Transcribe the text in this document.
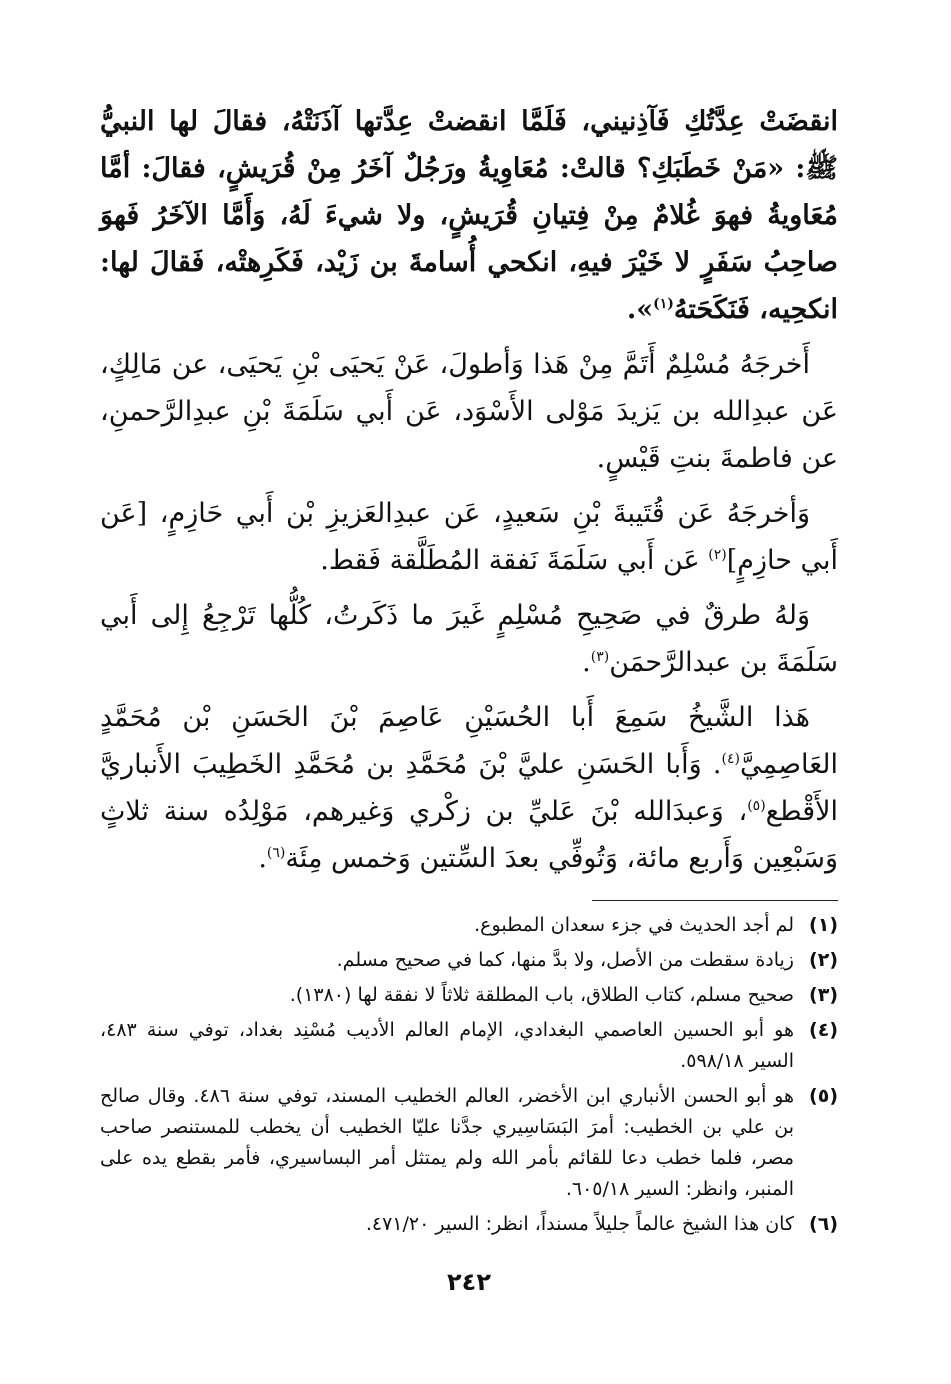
انقضَتْ عِدَّتُكِ فَآذِنيني، فَلَمَّا انقضتْ عِدَّتها آذَنَتْهُ، فقالَ لها النبيُّ ﷺ: «مَنْ خَطَبَكِ؟ قالتْ: مُعَاوِيةُ ورَجُلٌ آخَرُ مِنْ قُرَيشٍ، فقالَ: أمَّا مُعَاويةُ فهوَ غُلامٌ مِنْ فِتيانِ قُرَيشٍ، ولا شيءَ لَهُ، وَأَمَّا الآخَرُ فَهوَ صاحِبُ سَفَرٍ لا خَيْرَ فيهِ، انكحي أُسامةَ بن زَيْد، فَكَرِهتْه، فَقالَ لها: انكحِيه، فَنَكَحَتهُ$^{(١)}$».

أَخرجَهُ مُسْلِمٌ أَتَمَّ مِنْ هَذا وَأطولَ، عَنْ يَحيَى بْنِ يَحيَى، عن مَالِكٍ، عَن عبدِالله بن يَزيدَ مَوْلى الأَسْوَد، عَن أَبي سَلَمَةَ بْنِ عبدِالرَّحمنِ، عن فاطمةَ بنتِ قَيْسٍ.

وَأخرجَهُ عَن قُتَيبةَ بْنِ سَعيدٍ، عَن عبدِالعَزيزِ بْن أَبي حَازِمٍ، [عَن أَبي حازِمٍ]$^{(٢)}$ عَن أَبي سَلَمَةَ نَفقة المُطَلَّقة فَقط.

وَلهُ طرقٌ في صَحِيحِ مُسْلِمٍ غَيرَ ما ذَكَرتُ، كُلُّها تَرْجِعُ إِلى أَبي سَلَمَةَ بن عبدالرَّحمَن$^{(٣)}$.

هَذا الشَّيخُ سَمِعَ أَبا الحُسَيْنِ عَاصِمَ بْنَ الحَسَنِ بْن مُحَمَّدٍ العَاصِمِيَّ$^{(٤)}$. وَأَبا الحَسَنِ عليَّ بْنَ مُحَمَّدِ بن مُحَمَّدِ الخَطِيبَ الأَنباريَّ الأَقْطع$^{(٥)}$، وَعبدَالله بْنَ عَليِّ بن زكْري وَغيرهم، مَوْلِدُه سنة ثلاثٍ وَسَبْعِين وَأَربع مائة، وَتُوفِّي بعدَ السِّتين وَخمس مِئَة$^{(٦)}$.

(١)
لم أجد الحديث في جزء سعدان المطبوع.
(٢)
زيادة سقطت من الأصل، ولا بدَّ منها، كما في صحيح مسلم.
(٣)
صحيح مسلم، كتاب الطلاق، باب المطلقة ثلاثاً لا نفقة لها (١٣٨٠).
(٤)
هو أبو الحسين العاصمي البغدادي، الإمام العالم الأديب مُسْنِد بغداد، توفي سنة ٤٨٣، السير ٥٩٨/١٨.
(٥)
هو أبو الحسن الأنباري ابن الأخضر، العالم الخطيب المسند، توفي سنة ٤٨٦. وقال صالح بن علي بن الخطيب: أمرَ البَسَاسِيري جدَّنا عليّا الخطيب أن يخطب للمستنصر صاحب مصر، فلما خطب دعا للقائم بأمر الله ولم يمتثل أمر البساسيري، فأمر بقطع يده على المنبر، وانظر: السير ٦٠٥/١٨.
(٦)
كان هذا الشيخ عالماً جليلاً مسنداً، انظر: السير ٤٧١/٢٠.
٢٤٢
